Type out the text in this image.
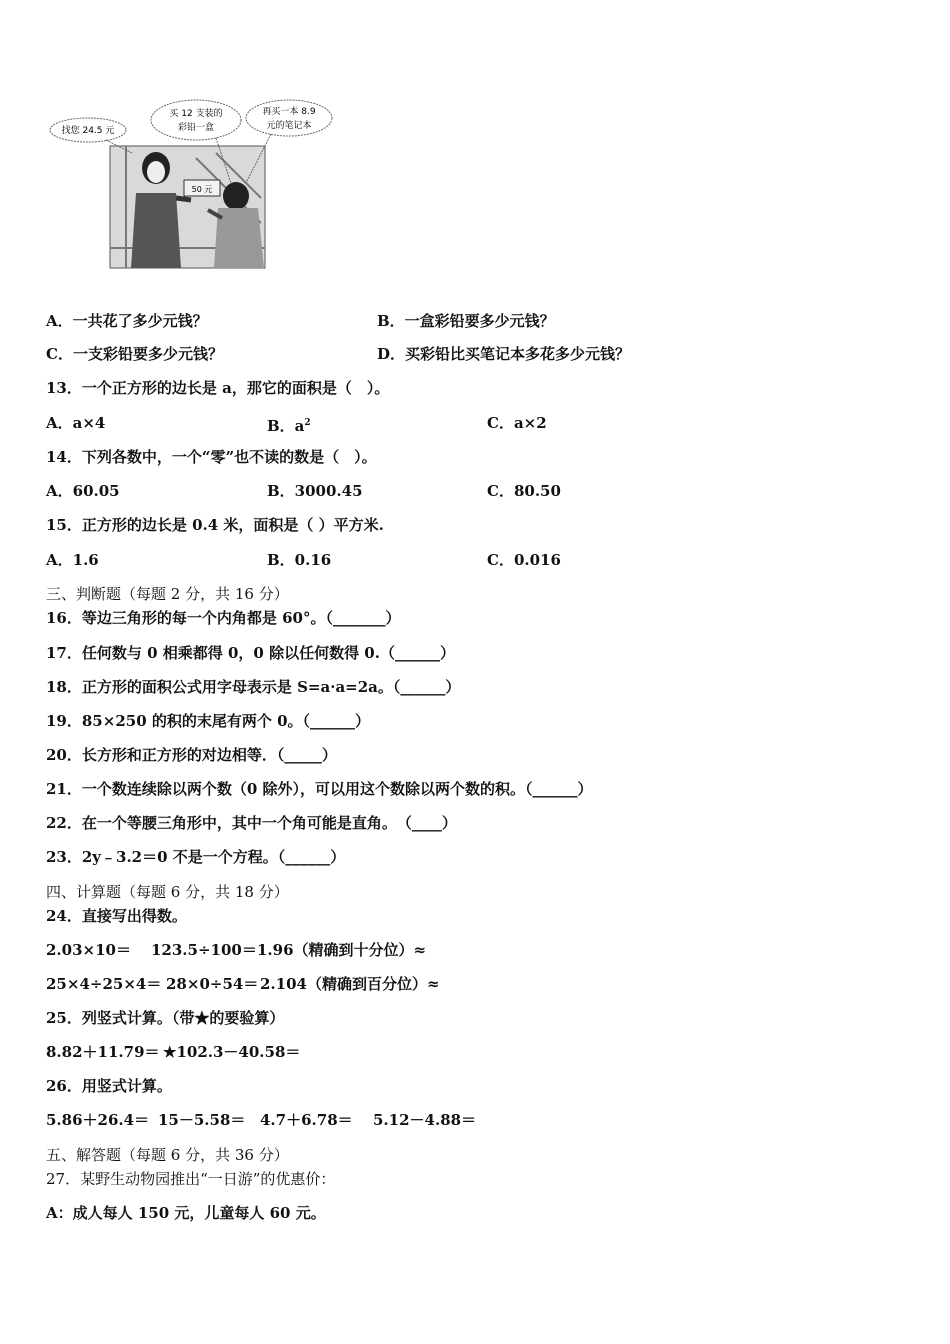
50 元
找您 24.5 元
买 12 支装的
彩铅一盒
再买一本 8.9
元的笔记本
A．一共花了多少元钱？	B．一盒彩铅要多少元钱？
C．一支彩铅要多少元钱？	D．买彩铅比买笔记本多花多少元钱？
13．一个正方形的边长是 a，那它的面积是（　）。
A．a×4	B．$a^2$	C．a×2
14．下列各数中，一个“零”也不读的数是（　）。
A．60.05	B．3000.45	C．80.50
15．正方形的边长是 0.4 米，面积是（ ）平方米.
A．1.6	B．0.16	C．0.016
三、判断题（每题 2 分，共 16 分）
16．等边三角形的每一个内角都是 60°。（_______）
17．任何数与 0 相乘都得 0，0 除以任何数得 0.（______）
18．正方形的面积公式用字母表示是 S=a·a=2a。（______）
19．85×250 的积的末尾有两个 0。（______）
20．长方形和正方形的对边相等．（_____）
21．一个数连续除以两个数（0 除外），可以用这个数除以两个数的积。（______）
22．在一个等腰三角形中，其中一个角可能是直角。　（____）
23．2y﹣3.2＝0 不是一个方程。（______）
四、计算题（每题 6 分，共 18 分）
24．直接写出得数。
2.03×10＝ 123.5÷100＝ 1.96（精确到十分位）≈
25×4÷25×4＝ 28×0÷54＝ 2.104（精确到百分位）≈
25．列竖式计算。（带★的要验算）
8.82＋11.79＝ ★102.3－40.58＝
26．用竖式计算。
5.86＋26.4＝ 15－5.58＝ 4.7＋6.78＝ 5.12－4.88＝
五、解答题（每题 6 分，共 36 分）
27．某野生动物园推出“一日游”的优惠价：
A：成人每人 150 元，儿童每人 60 元。
